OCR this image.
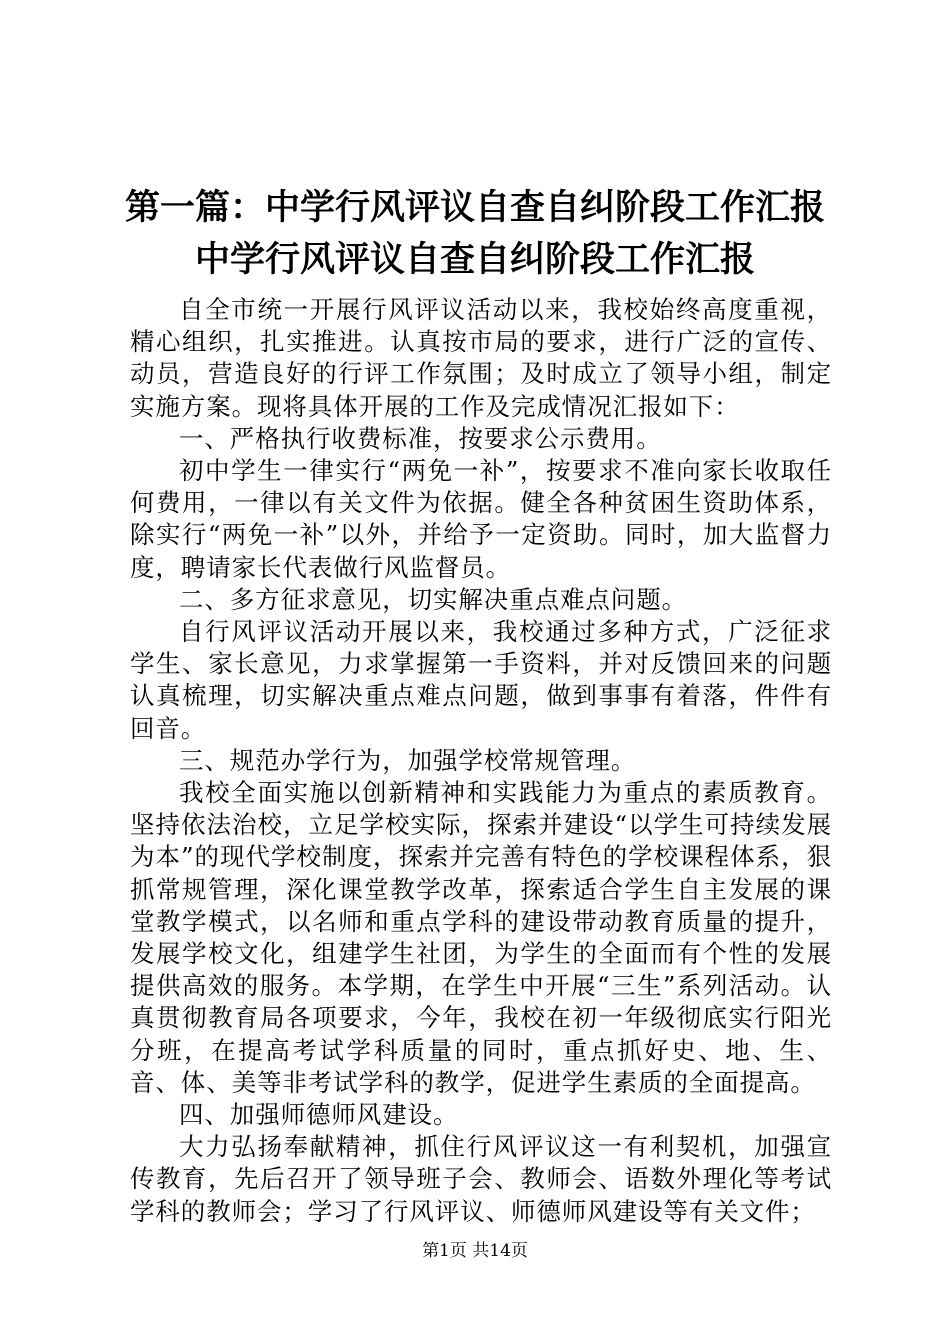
第一篇：中学行风评议自查自纠阶段工作汇报
中学行风评议自查自纠阶段工作汇报

自全市统一开展行风评议活动以来，我校始终高度重视，精心组织，扎实推进。认真按市局的要求，进行广泛的宣传、动员，营造良好的行评工作氛围；及时成立了领导小组，制定实施方案。现将具体开展的工作及完成情况汇报如下：

一、严格执行收费标准，按要求公示费用。

初中学生一律实行“两免一补”，按要求不准向家长收取任何费用，一律以有关文件为依据。健全各种贫困生资助体系，除实行“两免一补”以外，并给予一定资助。同时，加大监督力度，聘请家长代表做行风监督员。

二、多方征求意见，切实解决重点难点问题。

自行风评议活动开展以来，我校通过多种方式，广泛征求学生、家长意见，力求掌握第一手资料，并对反馈回来的问题认真梳理，切实解决重点难点问题，做到事事有着落，件件有回音。

三、规范办学行为，加强学校常规管理。

我校全面实施以创新精神和实践能力为重点的素质教育。坚持依法治校，立足学校实际，探索并建设“以学生可持续发展为本”的现代学校制度，探索并完善有特色的学校课程体系，狠抓常规管理，深化课堂教学改革，探索适合学生自主发展的课堂教学模式，以名师和重点学科的建设带动教育质量的提升，发展学校文化，组建学生社团，为学生的全面而有个性的发展提供高效的服务。本学期，在学生中开展“三生”系列活动。认真贯彻教育局各项要求，今年，我校在初一年级彻底实行阳光分班，在提高考试学科质量的同时，重点抓好史、地、生、音、体、美等非考试学科的教学，促进学生素质的全面提高。

四、加强师德师风建设。

大力弘扬奉献精神，抓住行风评议这一有利契机，加强宣传教育，先后召开了领导班子会、教师会、语数外理化等考试学科的教师会；学习了行风评议、师德师风建设等有关文件；

第1页 共14页
